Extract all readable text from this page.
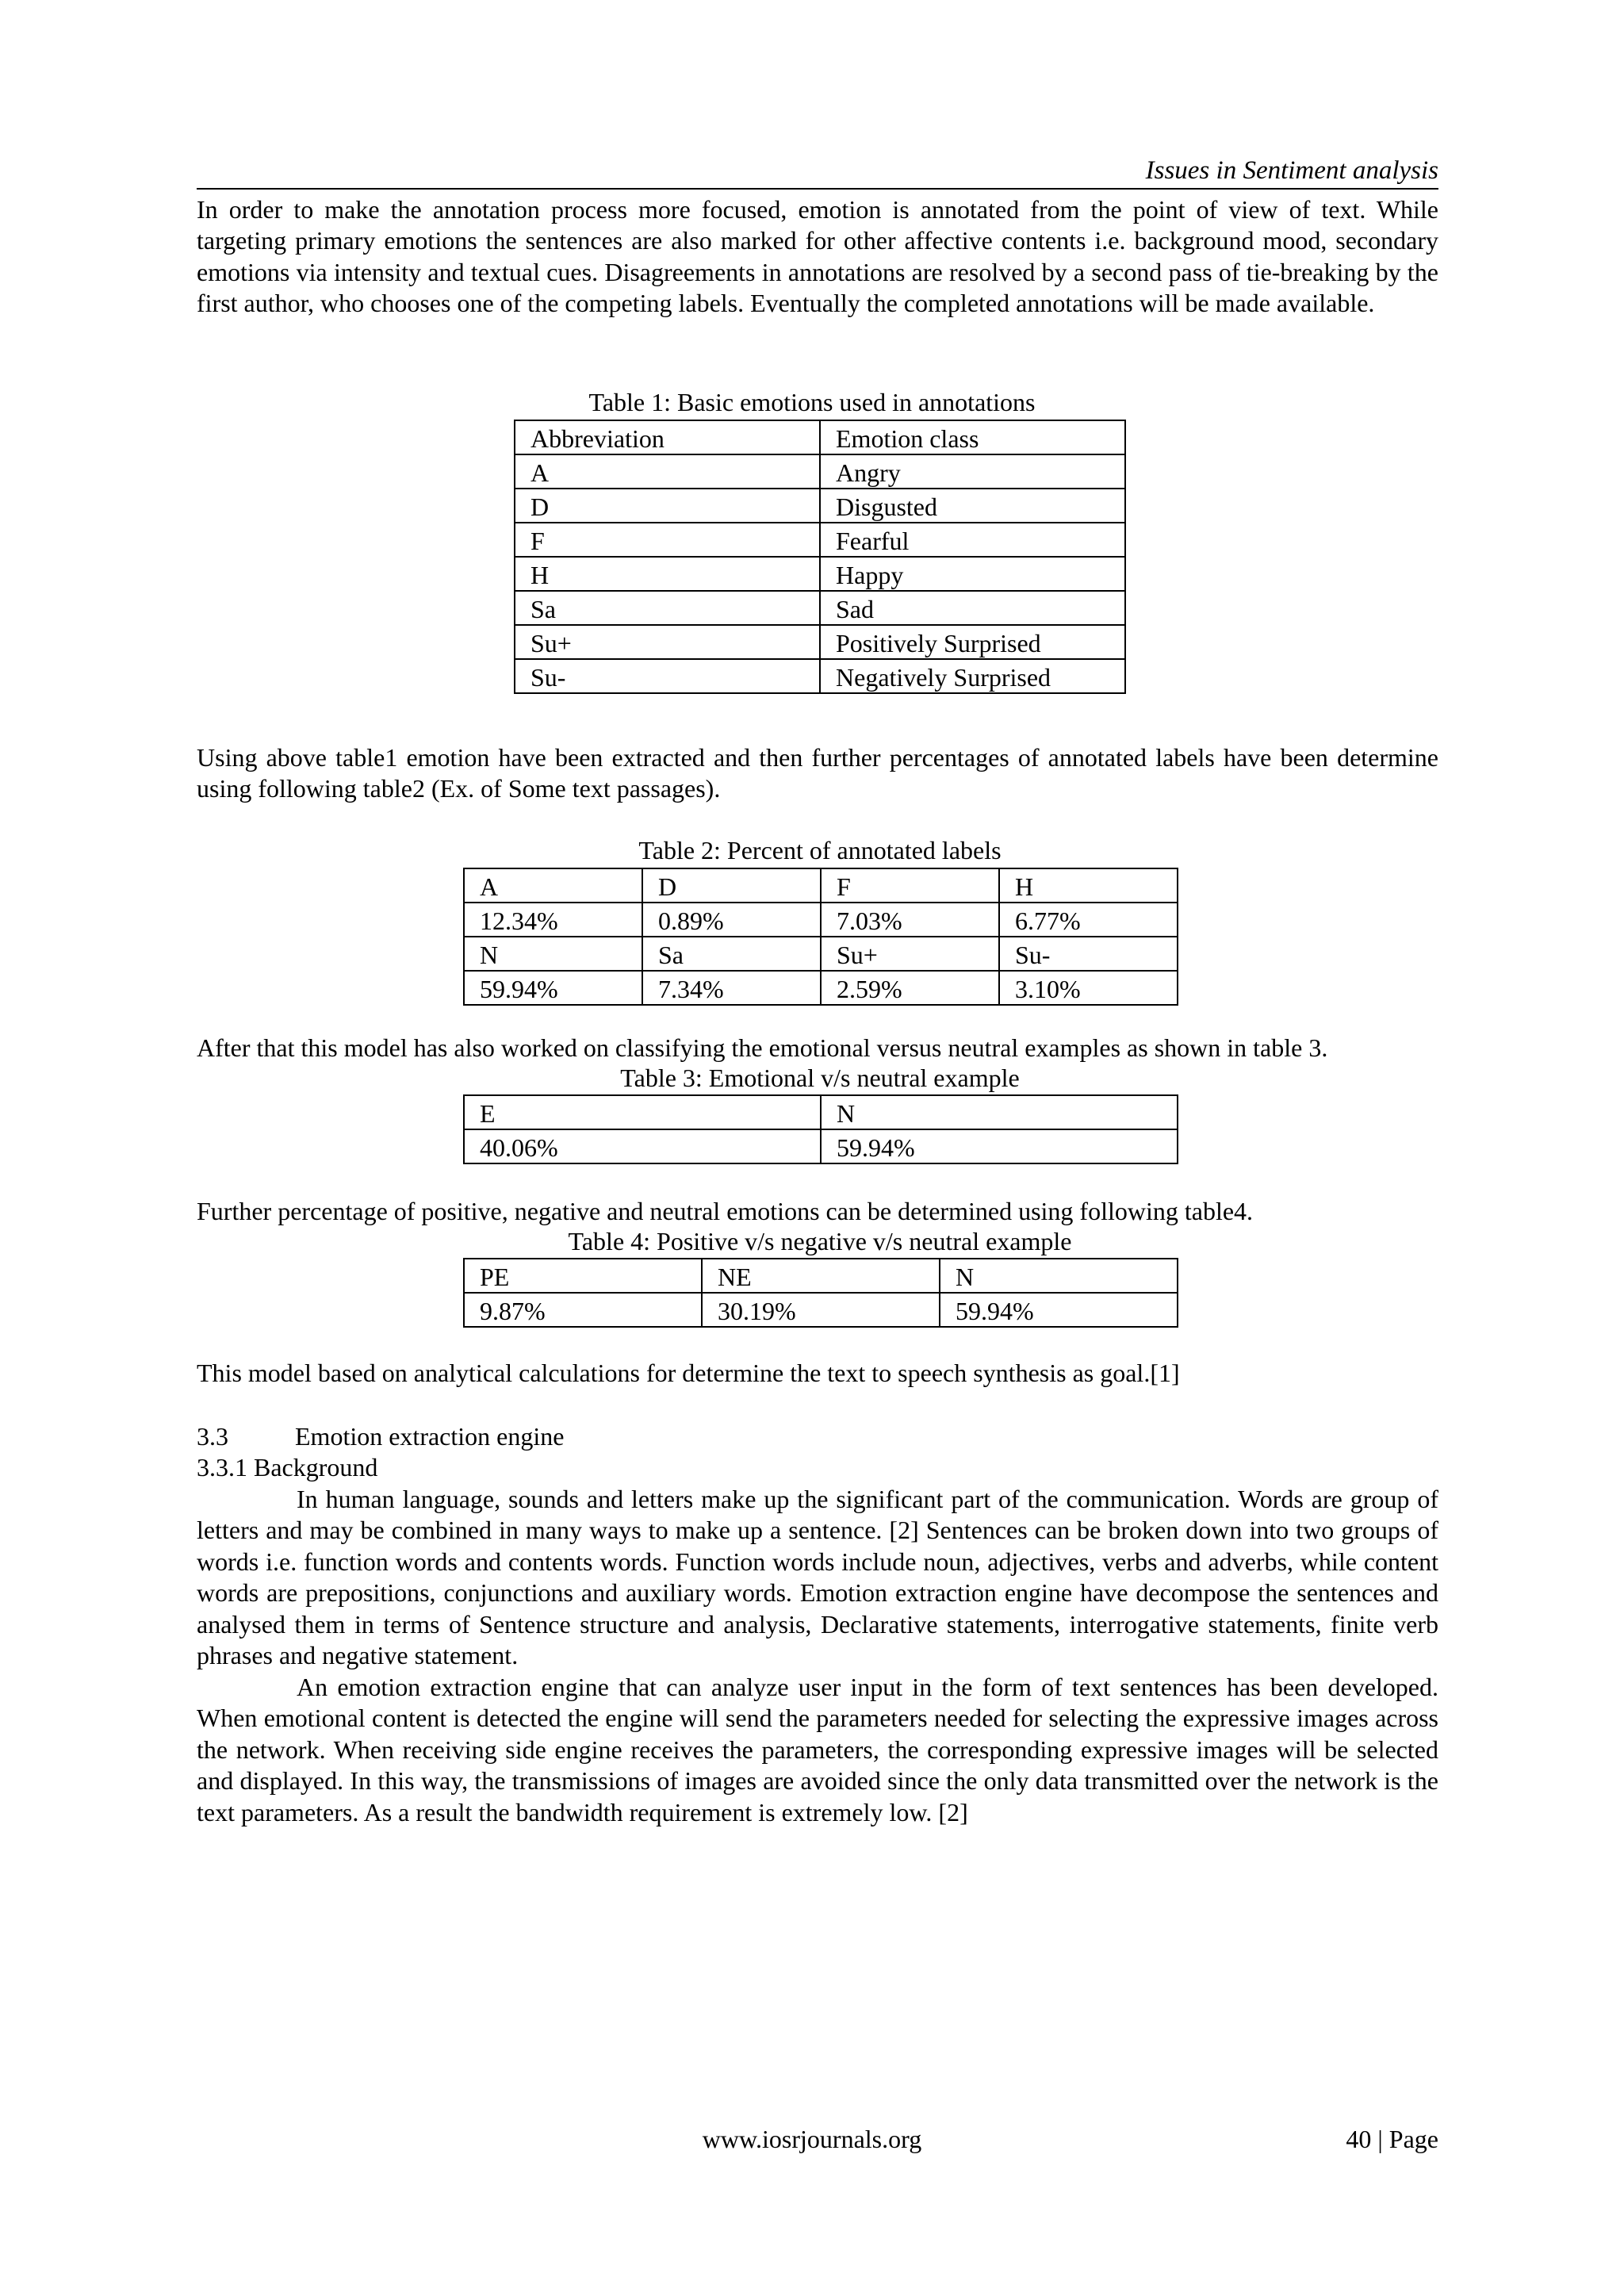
Issues in Sentiment analysis

In order to make the annotation process more focused, emotion is annotated from the point of view of text. While targeting primary emotions the sentences are also marked for other affective contents i.e. background mood, secondary emotions via intensity and textual cues. Disagreements in annotations are resolved by a second pass of tie-breaking by the first author, who chooses one of the competing labels. Eventually the completed annotations will be made available.

Table 1: Basic emotions used in annotations
Abbreviation	Emotion class
A	Angry
D	Disgusted
F	Fearful
H	Happy
Sa	Sad
Su+	Positively Surprised
Su-	Negatively Surprised

Using above table1 emotion have been extracted and then further percentages of annotated labels have been determine using following table2 (Ex. of Some text passages).

Table 2: Percent of annotated labels
A	D	F	H
12.34%	0.89%	7.03%	6.77%
N	Sa	Su+	Su-
59.94%	7.34%	2.59%	3.10%

After that this model has also worked on classifying the emotional versus neutral examples as shown in table 3.

Table 3: Emotional v/s neutral example
E	N
40.06%	59.94%

Further percentage of positive, negative and neutral emotions can be determined using following table4.

Table 4: Positive v/s negative v/s neutral example
PE	NE	N
9.87%	30.19%	59.94%

This model based on analytical calculations for determine the text to speech synthesis as goal.[1]

3.3	Emotion extraction engine
3.3.1 Background

In human language, sounds and letters make up the significant part of the communication. Words are group of letters and may be combined in many ways to make up a sentence. [2] Sentences can be broken down into two groups of words i.e. function words and contents words. Function words include noun, adjectives, verbs and adverbs, while content words are prepositions, conjunctions and auxiliary words. Emotion extraction engine have decompose the sentences and analysed them in terms of Sentence structure and analysis, Declarative statements, interrogative statements, finite verb phrases and negative statement.

An emotion extraction engine that can analyze user input in the form of text sentences has been developed. When emotional content is detected the engine will send the parameters needed for selecting the expressive images across the network. When receiving side engine receives the parameters, the corresponding expressive images will be selected and displayed. In this way, the transmissions of images are avoided since the only data transmitted over the network is the text parameters. As a result the bandwidth requirement is extremely low. [2]

www.iosrjournals.org	40 | Page
